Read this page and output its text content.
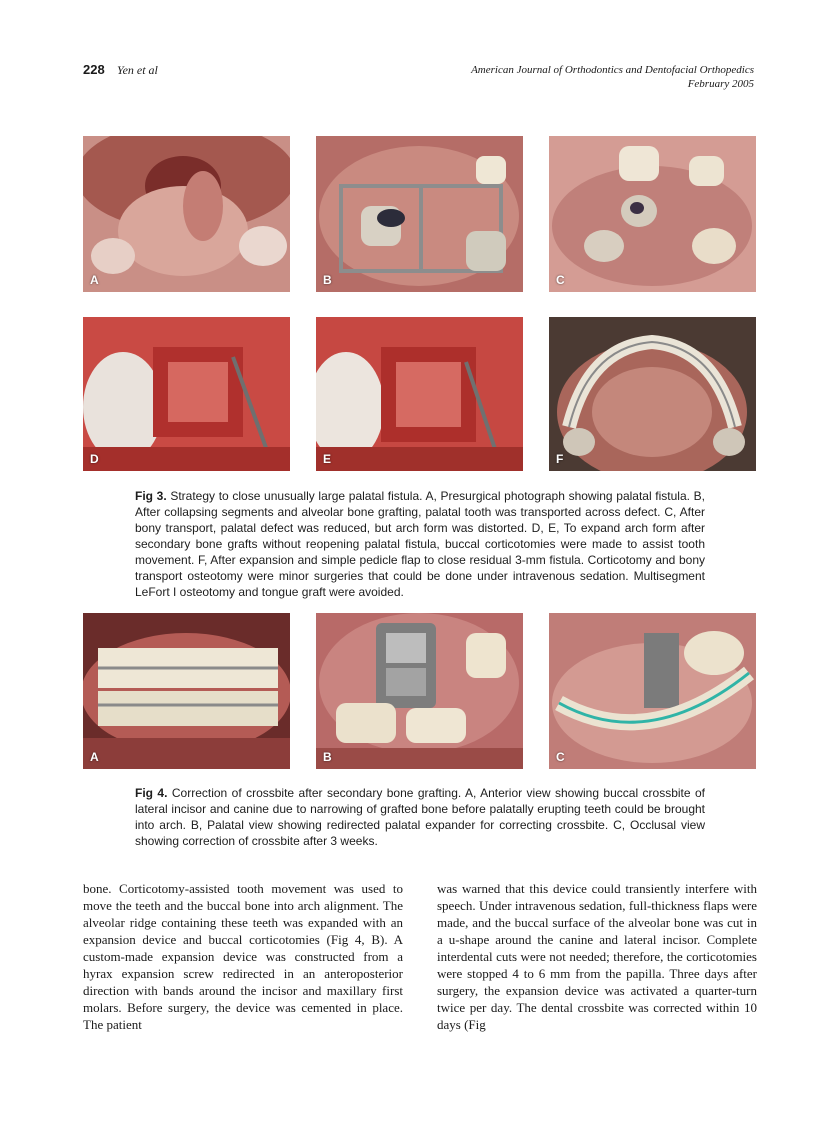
228 Yen et al	American Journal of Orthodontics and Dentofacial Orthopedics
February 2005
A	B	C
D	E	F

Fig 3. Strategy to close unusually large palatal fistula. A, Presurgical photograph showing palatal fistula. B, After collapsing segments and alveolar bone grafting, palatal tooth was transported across defect. C, After bony transport, palatal defect was reduced, but arch form was distorted. D, E, To expand arch form after secondary bone grafts without reopening palatal fistula, buccal corticotomies were made to assist tooth movement. F, After expansion and simple pedicle flap to close residual 3-mm fistula. Corticotomy and bony transport osteotomy were minor surgeries that could be done under intravenous sedation. Multisegment LeFort I osteotomy and tongue graft were avoided.

A	B	C

Fig 4. Correction of crossbite after secondary bone grafting. A, Anterior view showing buccal crossbite of lateral incisor and canine due to narrowing of grafted bone before palatally erupting teeth could be brought into arch. B, Palatal view showing redirected palatal expander for correcting crossbite. C, Occlusal view showing correction of crossbite after 3 weeks.

bone. Corticotomy-assisted tooth movement was used to move the teeth and the buccal bone into arch alignment. The alveolar ridge containing these teeth was expanded with an expansion device and buccal corticotomies (Fig 4, B). A custom-made expansion device was constructed from a hyrax expansion screw redirected in an anteroposterior direction with bands around the incisor and maxillary first molars. Before surgery, the device was cemented in place. The patient

was warned that this device could transiently interfere with speech. Under intravenous sedation, full-thickness flaps were made, and the buccal surface of the alveolar bone was cut in a u-shape around the canine and lateral incisor. Complete interdental cuts were not needed; therefore, the corticotomies were stopped 4 to 6 mm from the papilla. Three days after surgery, the expansion device was activated a quarter-turn twice per day. The dental crossbite was corrected within 10 days (Fig
